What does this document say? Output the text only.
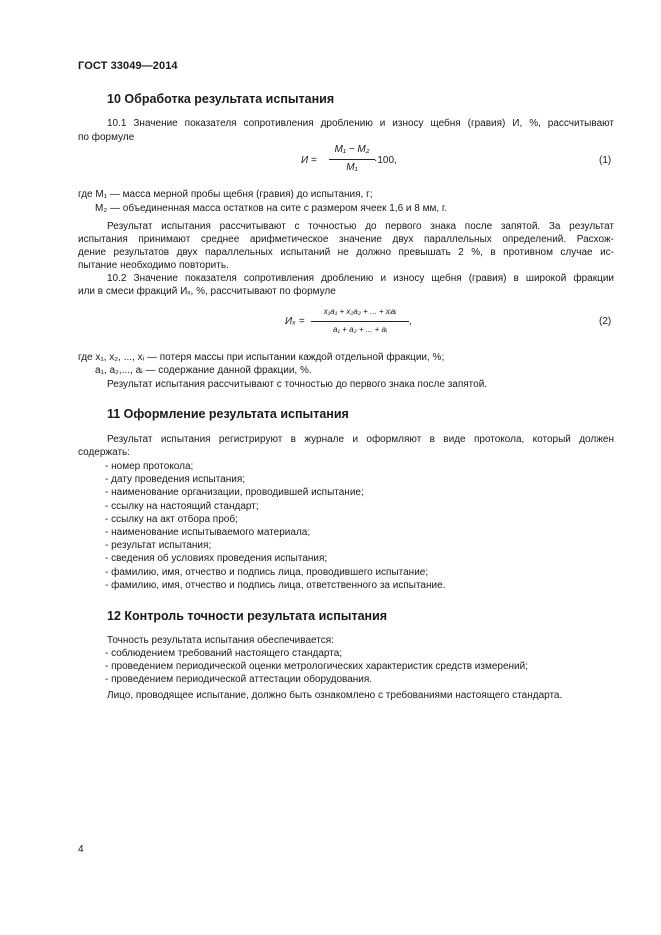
ГОСТ 33049—2014
10 Обработка результата испытания
10.1 Значение показателя сопротивления дроблению и износу щебня (гравия) И, %, рассчитывают
по формуле
И =
M₁ − M₂
M₁
·100,	(1)
где M₁ — масса мерной пробы щебня (гравия) до испытания, г;
M₂ — объединенная масса остатков на сите с размером ячеек 1,6 и 8 мм, г.
Результат испытания рассчитывают с точностью до первого знака после запятой. За результат
испытания принимают среднее арифметическое значение двух параллельных определений. Расхож-
дение результатов двух параллельных испытаний не должно превышать 2 %, в противном случае ис-
пытание необходимо повторить.
10.2 Значение показателя сопротивления дроблению и износу щебня (гравия) в широкой фракции
или в смеси фракций Иₓ, %, рассчитывают по формуле
Иₓ =
x₁a₁ + x₂a₂ + ... + xᵢaᵢ
a₁ + a₂ + ... + aᵢ
,	(2)
где x₁, x₂, ..., xᵢ — потеря массы при испытании каждой отдельной фракции, %;
a₁, a₂,..., aᵢ — содержание данной фракции, %.
Результат испытания рассчитывают с точностью до первого знака после запятой.
11 Оформление результата испытания
Результат испытания регистрируют в журнале и оформляют в виде протокола, который должен
содержать:
- номер протокола;
- дату проведения испытания;
- наименование организации, проводившей испытание;
- ссылку на настоящий стандарт;
- ссылку на акт отбора проб;
- наименование испытываемого материала;
- результат испытания;
- сведения об условиях проведения испытания;
- фамилию, имя, отчество и подпись лица, проводившего испытание;
- фамилию, имя, отчество и подпись лица, ответственного за испытание.
12 Контроль точности результата испытания
Точность результата испытания обеспечивается:
- соблюдением требований настоящего стандарта;
- проведением периодической оценки метрологических характеристик средств измерений;
- проведением периодической аттестации оборудования.
Лицо, проводящее испытание, должно быть ознакомлено с требованиями настоящего стандарта.
4
